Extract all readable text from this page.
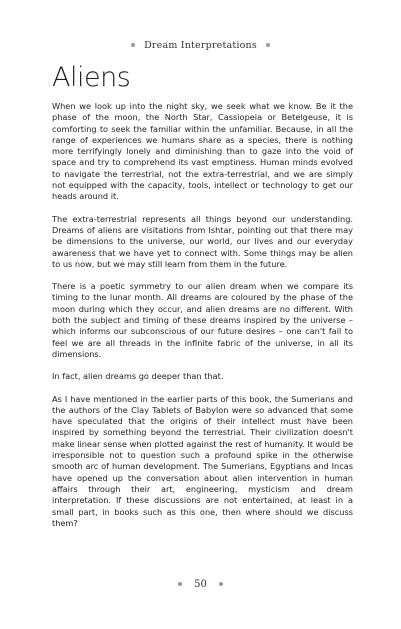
Dream Interpretations
Aliens

When we look up into the night sky, we seek what we know. Be it the phase of the moon, the North Star, Cassiopeia or Betelgeuse, it is comforting to seek the familiar within the unfamiliar. Because, in all the range of experiences we humans share as a species, there is nothing more terrifyingly lonely and diminishing than to gaze into the void of space and try to comprehend its vast emptiness. Human minds evolved to navigate the terrestrial, not the extra-terrestrial, and we are simply not equipped with the capacity, tools, intellect or technology to get our heads around it.

The extra-terrestrial represents all things beyond our understanding. Dreams of aliens are visitations from Ishtar, pointing out that there may be dimensions to the universe, our world, our lives and our everyday awareness that we have yet to connect with. Some things may be alien to us now, but we may still learn from them in the future.

There is a poetic symmetry to our alien dream when we compare its timing to the lunar month. All dreams are coloured by the phase of the moon during which they occur, and alien dreams are no different. With both the subject and timing of these dreams inspired by the universe – which informs our subconscious of our future desires – one can't fail to feel we are all threads in the infinite fabric of the universe, in all its dimensions.

In fact, alien dreams go deeper than that.

As I have mentioned in the earlier parts of this book, the Sumerians and the authors of the Clay Tablets of Babylon were so advanced that some have speculated that the origins of their intellect must have been inspired by something beyond the terrestrial. Their civilization doesn't make linear sense when plotted against the rest of humanity. It would be irresponsible not to question such a profound spike in the otherwise smooth arc of human development. The Sumerians, Egyptians and Incas have opened up the conversation about alien intervention in human affairs through their art, engineering, mysticism and dream interpretation. If these discussions are not entertained, at least in a small part, in books such as this one, then where should we discuss them?

50
